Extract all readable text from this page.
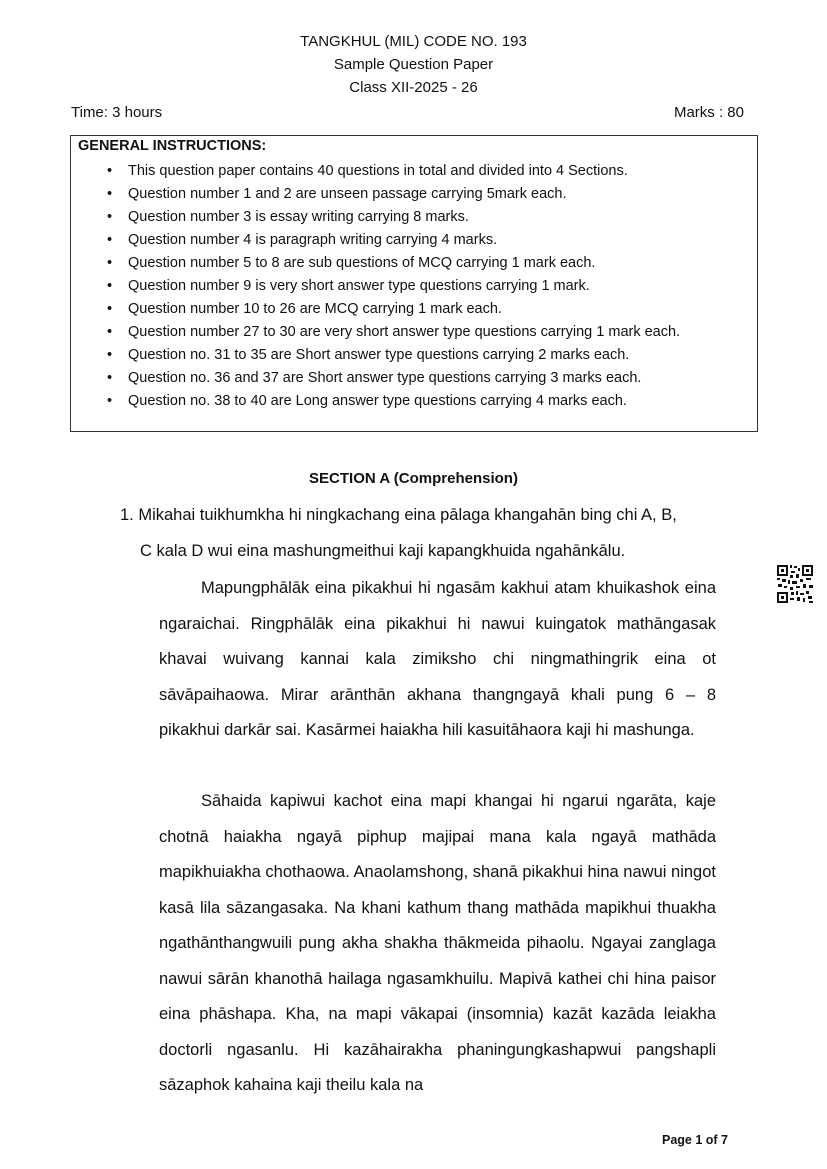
TANGKHUL (MIL) CODE NO. 193
Sample Question Paper
Class XII-2025 - 26
Time: 3 hours	Marks : 80
GENERAL INSTRUCTIONS:
• This question paper contains 40 questions in total and divided into 4 Sections.
• Question number 1 and 2 are unseen passage carrying 5mark each.
• Question number 3 is essay writing carrying 8 marks.
• Question number 4 is paragraph writing carrying 4 marks.
• Question number 5 to 8 are sub questions of MCQ carrying 1 mark each.
• Question number 9 is very short answer type questions carrying 1 mark.
• Question number 10 to 26 are MCQ carrying 1 mark each.
• Question number 27 to 30 are very short answer type questions carrying 1 mark each.
• Question no. 31 to 35 are Short answer type questions carrying 2 marks each.
• Question no. 36 and 37 are Short answer type questions carrying 3 marks each.
• Question no. 38 to 40 are Long answer type questions carrying 4 marks each.
SECTION A (Comprehension)
1. Mikahai tuikhumkha hi ningkachang eina pālaga khangahān bing chi A, B,
C kala D wui eina mashungmeithui kaji kapangkhuida ngahānkālu.

Mapungphālāk eina pikakhui hi ngasām kakhui atam khuikashok eina ngaraichai. Ringphālāk eina pikakhui hi nawui kuingatok mathāngasak khavai wuivang kannai kala zimiksho chi ningmathingrik eina ot sāvāpaihaowa. Mirar arānthān akhana thangngayā khali pung 6 – 8 pikakhui darkār sai. Kasārmei haiakha hili kasuitāhaora kaji hi mashunga.

Sāhaida kapiwui kachot eina mapi khangai hi ngarui ngarāta, kaje chotnā haiakha ngayā piphup majipai mana kala ngayā mathāda mapikhuiakha chothaowa. Anaolamshong, shanā pikakhui hina nawui ningot kasā lila sāzangasaka. Na khani kathum thang mathāda mapikhui thuakha ngathānthangwuili pung akha shakha thākmeida pihaolu. Ngayai zanglaga nawui sārān khanothā hailaga ngasamkhuilu. Mapivā kathei chi hina paisor eina phāshapa. Kha, na mapi vākapai (insomnia) kazāt kazāda leiakha doctorli ngasanlu. Hi kazāhairakha phaningungkashapwui pangshapli sāzaphok kahaina kaji theilu kala na

Page 1 of 7
